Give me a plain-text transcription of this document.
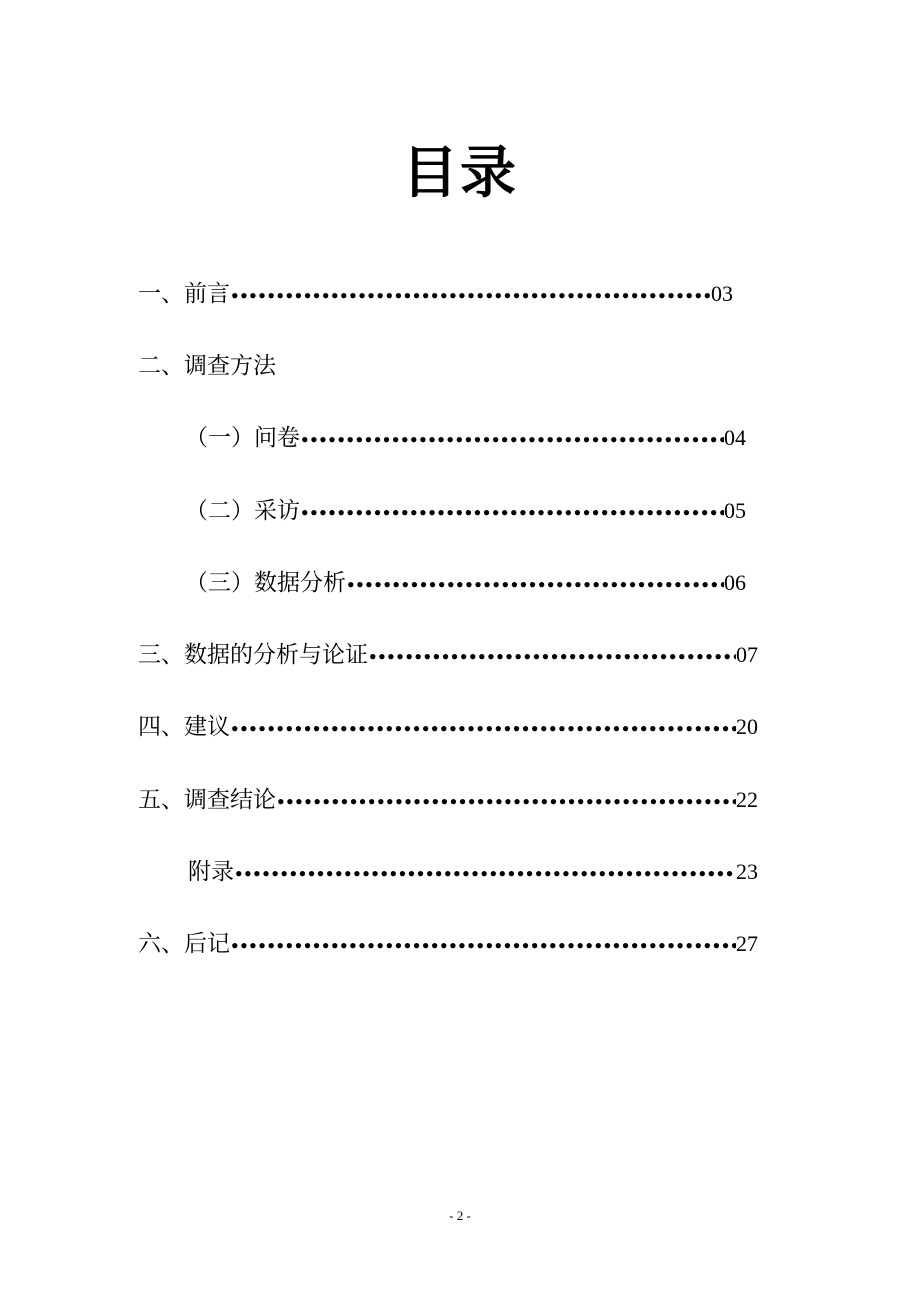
目录
一、前言 •••••	03
二、调查方法
（一）问卷 •••••	04
（二）采访 •••••	05
（三）数据分析 •••••	06
三、数据的分析与论证 •••••	07
四、建议 •••••	20
五、调查结论 •••••	22
附录 •••••	23
六、后记 •••••	27
- 2 -
